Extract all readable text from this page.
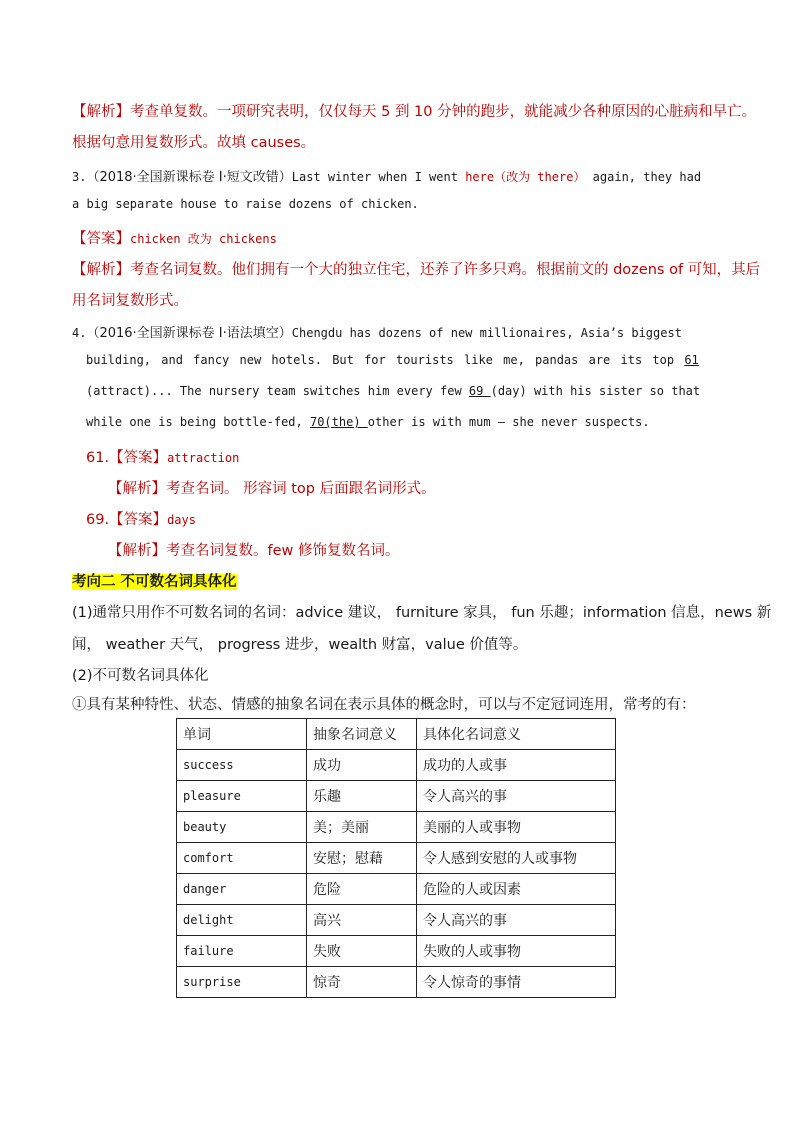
【解析】考查单复数。一项研究表明，仅仅每天 5 到 10 分钟的跑步，就能减少各种原因的心脏病和早亡。
根据句意用复数形式。故填 causes。
3.（2018·全国新课标卷 I·短文改错）Last winter when I went here（改为 there） again, they had
a big separate house to raise dozens of chicken.
【答案】chicken 改为 chickens
【解析】考查名词复数。他们拥有一个大的独立住宅，还养了许多只鸡。根据前文的 dozens of 可知，其后
用名词复数形式。
4.（2016·全国新课标卷 I·语法填空）Chengdu has dozens of new millionaires, Asia’s biggest
building, and fancy new hotels. But for tourists like me, pandas are its top 61
(attract)... The nursery team switches him every few 69 (day) with his sister so that
while one is being bottle-fed, 70(the) other is with mum — she never suspects.
61.【答案】attraction
【解析】考查名词。 形容词 top 后面跟名词形式。
69.【答案】days
【解析】考查名词复数。few 修饰复数名词。
考向二 不可数名词具体化
(1)通常只用作不可数名词的名词：advice 建议， furniture 家具， fun 乐趣；information 信息，news 新
闻， weather 天气， progress 进步，wealth 财富，value 价值等。
(2)不可数名词具体化
①具有某种特性、状态、情感的抽象名词在表示具体的概念时，可以与不定冠词连用，常考的有：
单词	抽象名词意义	具体化名词意义
success	成功	成功的人或事
pleasure	乐趣	令人高兴的事
beauty	美；美丽	美丽的人或事物
comfort	安慰；慰藉	令人感到安慰的人或事物
danger	危险	危险的人或因素
delight	高兴	令人高兴的事
failure	失败	失败的人或事物
surprise	惊奇	令人惊奇的事情
